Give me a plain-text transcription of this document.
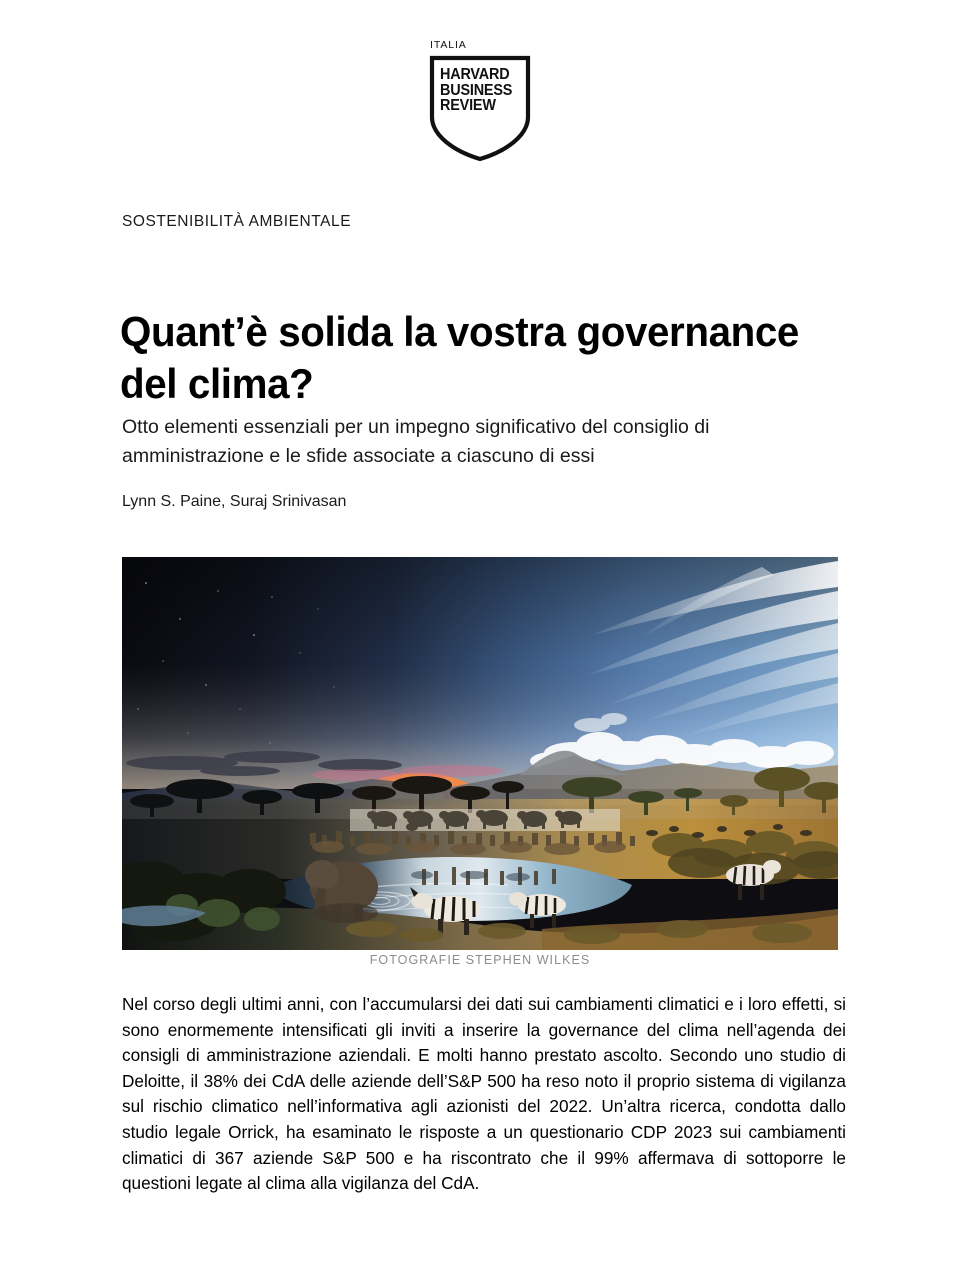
ITALIA
HARVARD
BUSINESS
REVIEW
SOSTENIBILITÀ AMBIENTALE
Quant’è solida la vostra governance del clima?
Otto elementi essenziali per un impegno significativo del consiglio di amministrazione e le sfide associate a ciascuno di essi
Lynn S. Paine, Suraj Srinivasan
FOTOGRAFIE STEPHEN WILKES
Nel corso degli ultimi anni, con l’accumularsi dei dati sui cambiamenti climatici e i loro effetti, si sono enormemente intensificati gli inviti a inserire la governance del clima nell’agenda dei consigli di amministrazione aziendali. E molti hanno prestato ascolto. Secondo uno studio di Deloitte, il 38% dei CdA delle aziende dell’S&P 500 ha reso noto il proprio sistema di vigilanza sul rischio climatico nell’informativa agli azionisti del 2022. Un’altra ricerca, condotta dallo studio legale Orrick, ha esaminato le risposte a un questionario CDP 2023 sui cambiamenti climatici di 367 aziende S&P 500 e ha riscontrato che il 99% affermava di sottoporre le questioni legate al clima alla vigilanza del CdA.
